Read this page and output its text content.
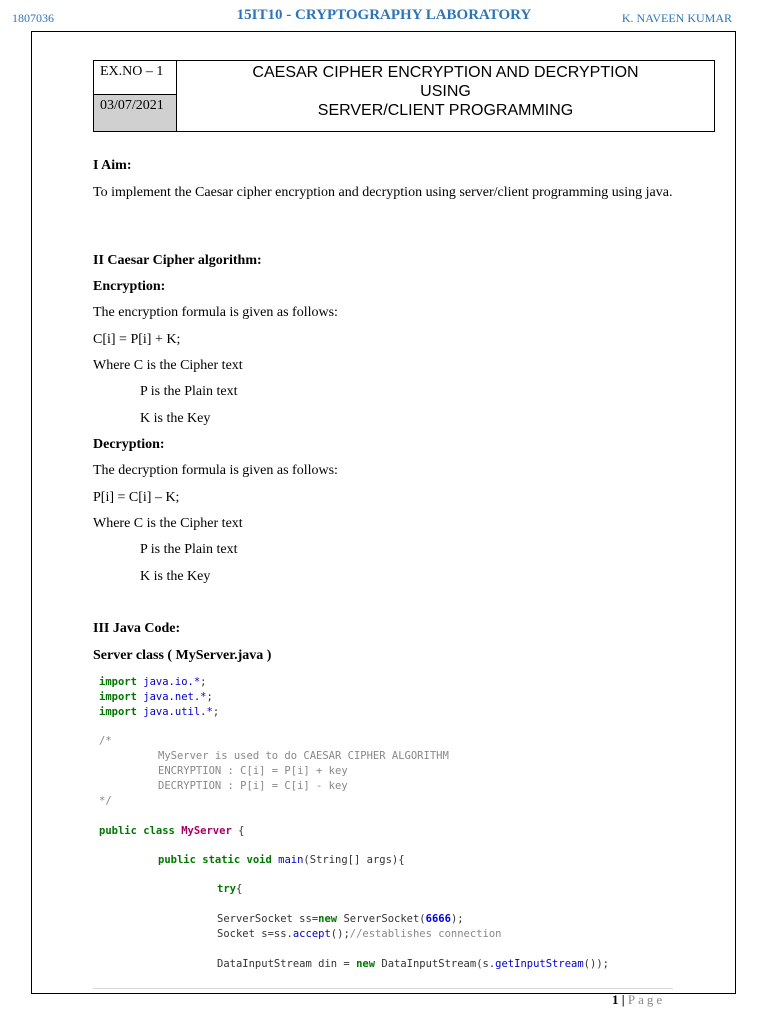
1807036	15IT10 - CRYPTOGRAPHY LABORATORY	K. NAVEEN KUMAR
EX.NO – 1
03/07/2021
CAESAR CIPHER ENCRYPTION AND DECRYPTION
USING
SERVER/CLIENT PROGRAMMING
I Aim:
To implement the Caesar cipher encryption and decryption using server/client programming using java.
II Caesar Cipher algorithm:
Encryption:
The encryption formula is given as follows:
C[i] = P[i] + K;
Where C is the Cipher text
P is the Plain text
K is the Key
Decryption:
The decryption formula is given as follows:
P[i] = C[i] – K;
Where C is the Cipher text
P is the Plain text
K is the Key
III Java Code:
Server class ( MyServer.java )
import java.io.*;
import java.net.*;
import java.util.*;
/*
MyServer is used to do CAESAR CIPHER ALGORITHM
ENCRYPTION : C[i] = P[i] + key
DECRYPTION : P[i] = C[i] - key
*/
public class MyServer {
public static void main(String[] args){
try{
ServerSocket ss=new ServerSocket(6666);
Socket s=ss.accept();//establishes connection
DataInputStream din = new DataInputStream(s.getInputStream());
1 | Page
